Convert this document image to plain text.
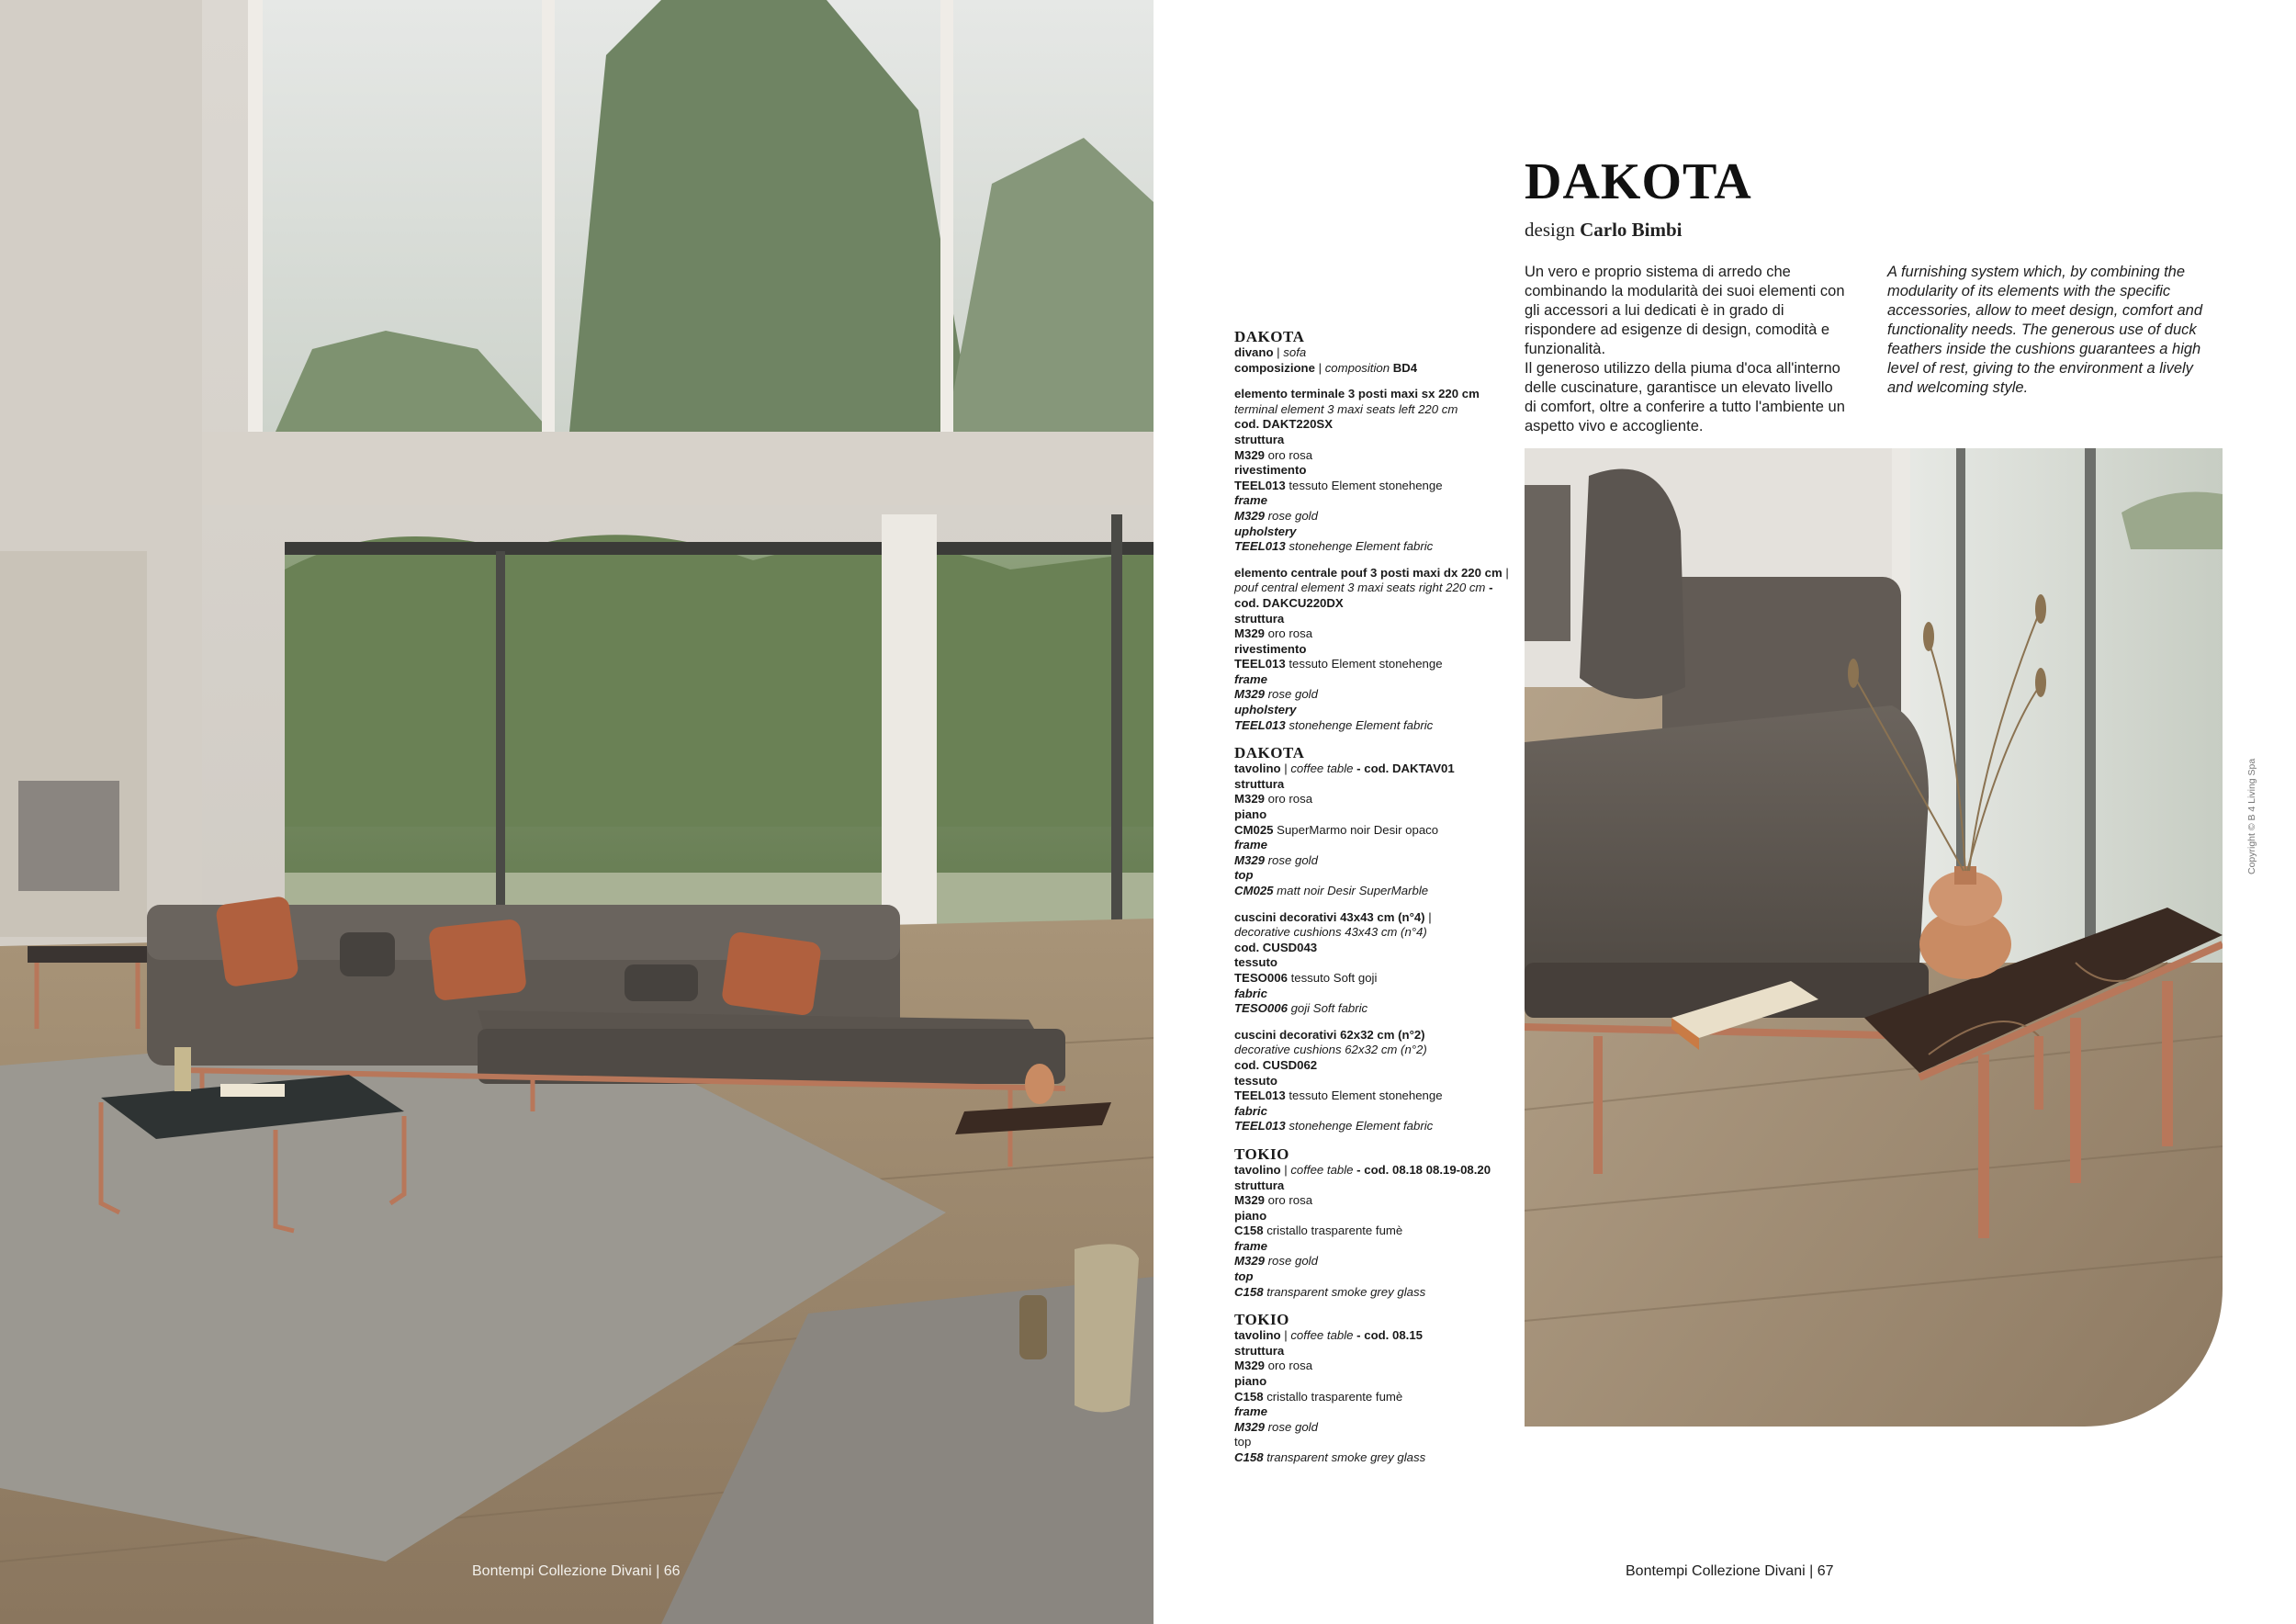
Bontempi Collezione Divani | 66
DAKOTA
design Carlo Bimbi

Un vero e proprio sistema di arredo che combinando la modularità dei suoi elementi con gli accessori a lui dedicati è in grado di rispondere ad esigenze di design, comodità e funzionalità.

Il generoso utilizzo della piuma d'oca all'interno delle cuscinature, garantisce un elevato livello di comfort, oltre a conferire a tutto l'ambiente un aspetto vivo e accogliente.

A furnishing system which, by combining the modularity of its elements with the specific accessories, allow to meet design, comfort and functionality needs. The generous use of duck feathers inside the cushions guarantees a high level of rest, giving to the environment a lively and welcoming style.

DAKOTA
divano | sofa
composizione | composition BD4
elemento terminale 3 posti maxi sx 220 cm
terminal element 3 maxi seats left 220 cm
cod. DAKT220SX
struttura
M329 oro rosa
rivestimento
TEEL013 tessuto Element stonehenge
frame
M329 rose gold
upholstery
TEEL013 stonehenge Element fabric
elemento centrale pouf 3 posti maxi dx 220 cm | pouf central element 3 maxi seats right 220 cm - cod. DAKCU220DX
struttura
M329 oro rosa
rivestimento
TEEL013 tessuto Element stonehenge
frame
M329 rose gold
upholstery
TEEL013 stonehenge Element fabric
DAKOTA
tavolino | coffee table - cod. DAKTAV01
struttura
M329 oro rosa
piano
CM025 SuperMarmo noir Desir opaco
frame
M329 rose gold
top
CM025 matt noir Desir SuperMarble
cuscini decorativi 43x43 cm (n°4) |
decorative cushions 43x43 cm (n°4)
cod. CUSD043
tessuto
TESO006 tessuto Soft goji
fabric
TESO006 goji Soft fabric
cuscini decorativi 62x32 cm (n°2)
decorative cushions 62x32 cm (n°2)
cod. CUSD062
tessuto
TEEL013 tessuto Element stonehenge
fabric
TEEL013 stonehenge Element fabric
TOKIO
tavolino | coffee table - cod. 08.18 08.19-08.20
struttura
M329 oro rosa
piano
C158 cristallo trasparente fumè
frame
M329 rose gold
top
C158 transparent smoke grey glass
TOKIO
tavolino | coffee table - cod. 08.15
struttura
M329 oro rosa
piano
C158 cristallo trasparente fumè
frame
M329 rose gold
top
C158 transparent smoke grey glass
Copyright © B 4 Living Spa
Bontempi Collezione Divani | 67
